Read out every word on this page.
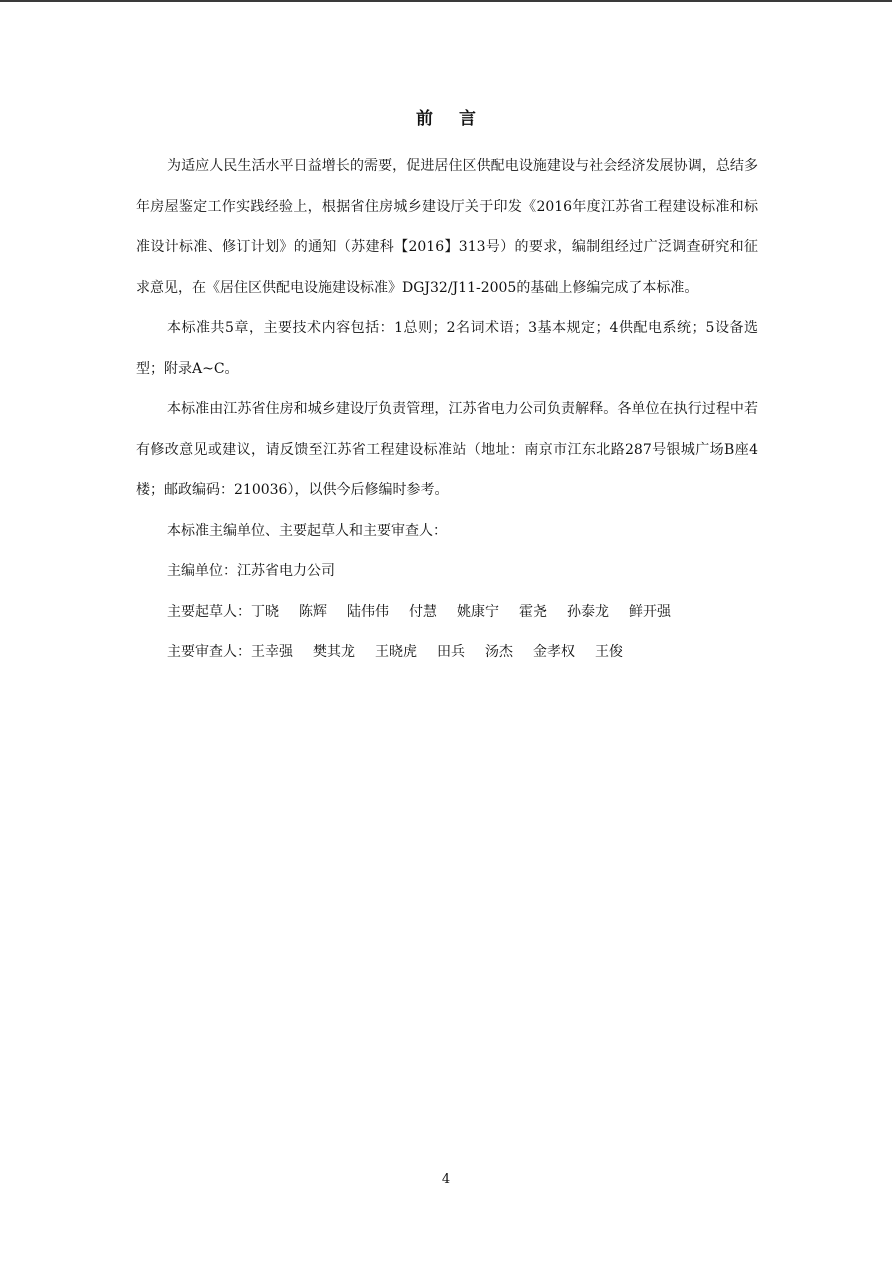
前 言

为适应人民生活水平日益增长的需要，促进居住区供配电设施建设与社会经济发展协调，总结多年房屋鉴定工作实践经验上，根据省住房城乡建设厅关于印发《2016年度江苏省工程建设标准和标准设计标准、修订计划》的通知（苏建科【2016】313号）的要求，编制组经过广泛调查研究和征求意见，在《居住区供配电设施建设标准》DGJ32/J11-2005的基础上修编完成了本标准。

本标准共5章，主要技术内容包括：1总则；2名词术语；3基本规定；4供配电系统；5设备选型；附录A~C。

本标准由江苏省住房和城乡建设厅负责管理，江苏省电力公司负责解释。各单位在执行过程中若有修改意见或建议，请反馈至江苏省工程建设标准站（地址：南京市江东北路287号银城广场B座4楼；邮政编码：210036），以供今后修编时参考。

本标准主编单位、主要起草人和主要审查人：

主编单位：江苏省电力公司

主要起草人：丁晓 陈辉 陆伟伟 付慧 姚康宁 霍尧 孙泰龙 鲜开强

主要审查人：王幸强 樊其龙 王晓虎 田兵 汤杰 金孝权 王俊

4
